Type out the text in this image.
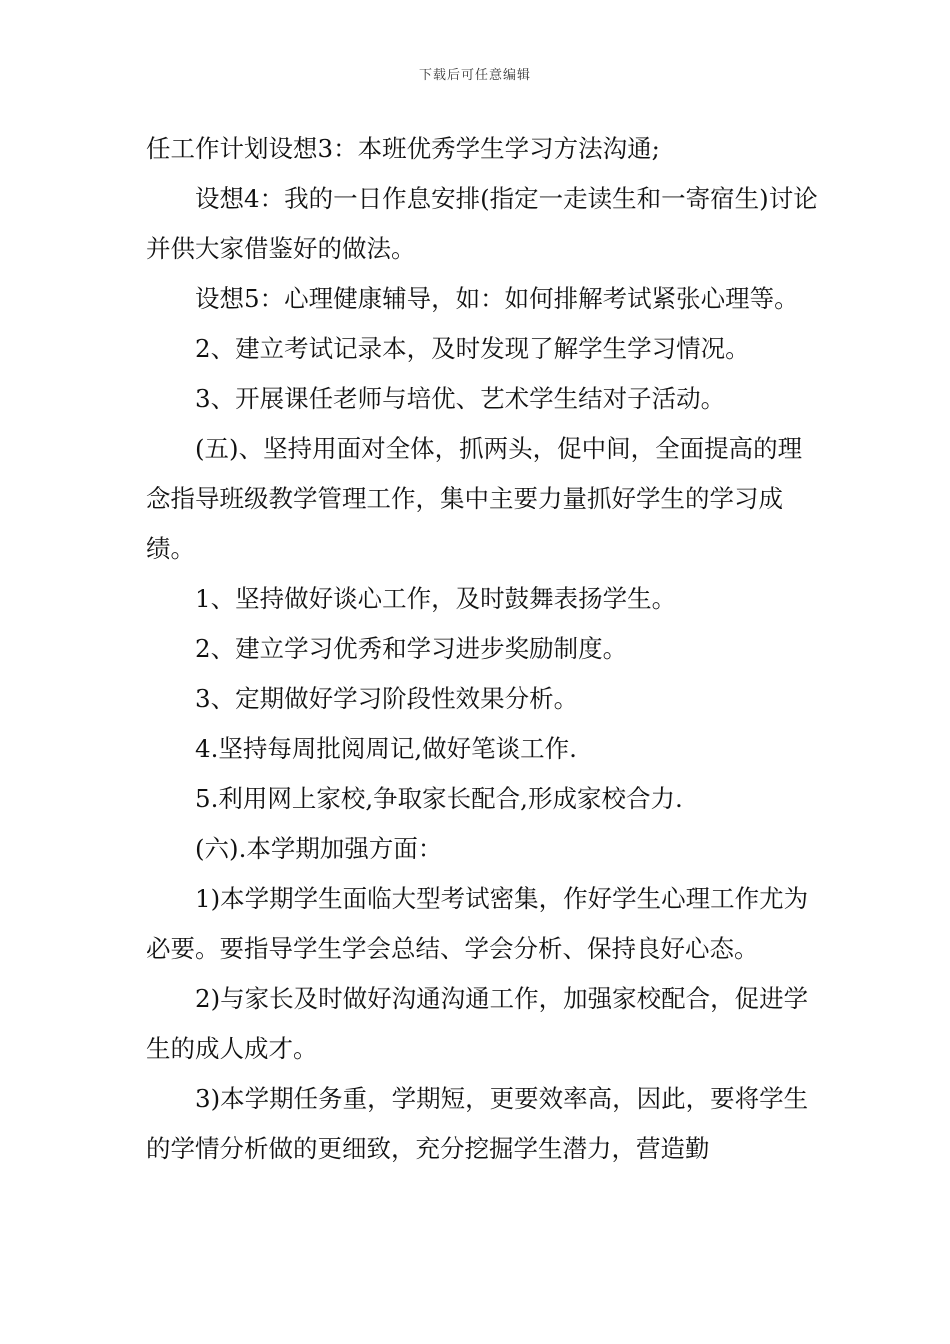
下载后可任意编辑

任工作计划设想3：本班优秀学生学习方法沟通;

设想4：我的一日作息安排(指定一走读生和一寄宿生)讨论并供大家借鉴好的做法。

设想5：心理健康辅导，如：如何排解考试紧张心理等。

2、建立考试记录本，及时发现了解学生学习情况。

3、开展课任老师与培优、艺术学生结对子活动。

(五)、坚持用面对全体，抓两头，促中间，全面提高的理念指导班级教学管理工作，集中主要力量抓好学生的学习成绩。

1、坚持做好谈心工作，及时鼓舞表扬学生。

2、建立学习优秀和学习进步奖励制度。

3、定期做好学习阶段性效果分析。

4.坚持每周批阅周记,做好笔谈工作.

5.利用网上家校,争取家长配合,形成家校合力.

(六).本学期加强方面：

1)本学期学生面临大型考试密集，作好学生心理工作尤为必要。要指导学生学会总结、学会分析、保持良好心态。

2)与家长及时做好沟通沟通工作，加强家校配合，促进学生的成人成才。

3)本学期任务重，学期短，更要效率高，因此，要将学生的学情分析做的更细致，充分挖掘学生潜力，营造勤
